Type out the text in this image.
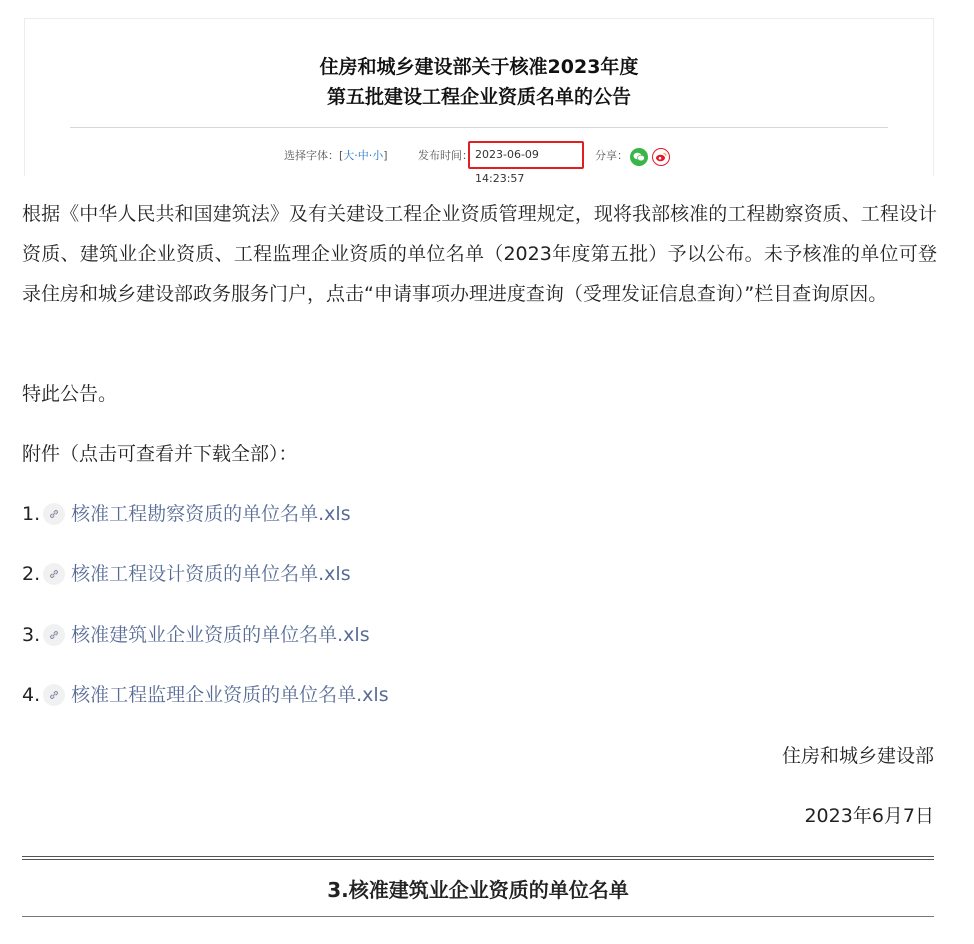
住房和城乡建设部关于核准2023年度
第五批建设工程企业资质名单的公告
选择字体：[大·中·小]	发布时间： 2023-06-09 14:23:57
分享：
根据《中华人民共和国建筑法》及有关建设工程企业资质管理规定，现将我部核准的工程勘察资质、工程设计资质、建筑业企业资质、工程监理企业资质的单位名单（2023年度第五批）予以公布。未予核准的单位可登录住房和城乡建设部政务服务门户，点击“申请事项办理进度查询（受理发证信息查询）”栏目查询原因。
特此公告。
附件（点击可查看并下载全部）：
1. 核准工程勘察资质的单位名单.xls
2. 核准工程设计资质的单位名单.xls
3. 核准建筑业企业资质的单位名单.xls
4. 核准工程监理企业资质的单位名单.xls
住房和城乡建设部
2023年6月7日
3.核准建筑业企业资质的单位名单
